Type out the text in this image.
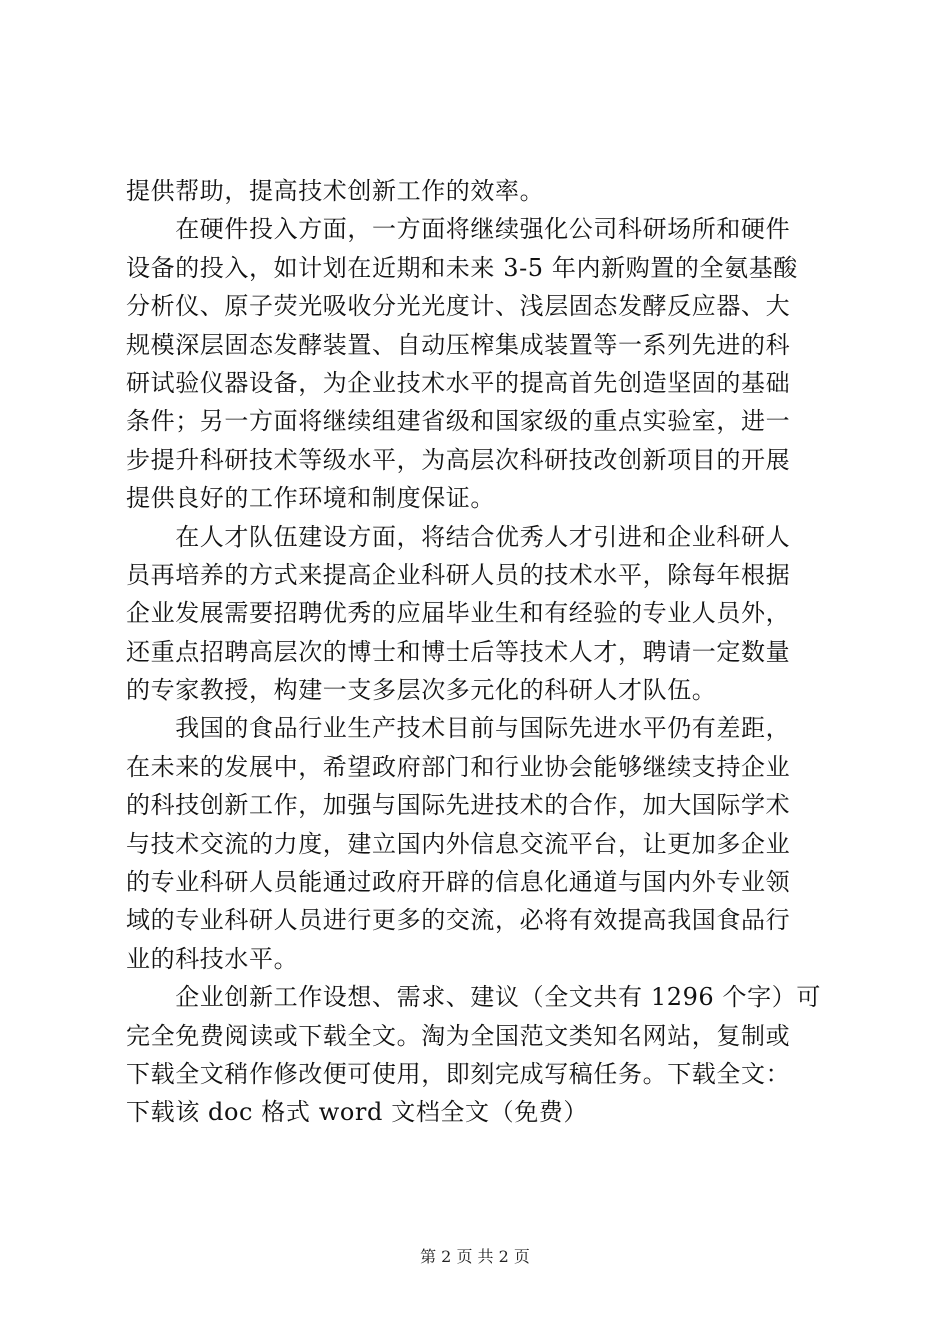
提供帮助，提高技术创新工作的效率。
　　在硬件投入方面，一方面将继续强化公司科研场所和硬件
设备的投入，如计划在近期和未来 3-5 年内新购置的全氨基酸
分析仪、原子荧光吸收分光光度计、浅层固态发酵反应器、大
规模深层固态发酵装置、自动压榨集成装置等一系列先进的科
研试验仪器设备，为企业技术水平的提高首先创造坚固的基础
条件；另一方面将继续组建省级和国家级的重点实验室，进一
步提升科研技术等级水平，为高层次科研技改创新项目的开展
提供良好的工作环境和制度保证。
　　在人才队伍建设方面，将结合优秀人才引进和企业科研人
员再培养的方式来提高企业科研人员的技术水平，除每年根据
企业发展需要招聘优秀的应届毕业生和有经验的专业人员外，
还重点招聘高层次的博士和博士后等技术人才，聘请一定数量
的专家教授，构建一支多层次多元化的科研人才队伍。
　　我国的食品行业生产技术目前与国际先进水平仍有差距，
在未来的发展中，希望政府部门和行业协会能够继续支持企业
的科技创新工作，加强与国际先进技术的合作，加大国际学术
与技术交流的力度，建立国内外信息交流平台，让更加多企业
的专业科研人员能通过政府开辟的信息化通道与国内外专业领
域的专业科研人员进行更多的交流，必将有效提高我国食品行
业的科技水平。
　　企业创新工作设想、需求、建议（全文共有 1296 个字）可
完全免费阅读或下载全文。淘为全国范文类知名网站，复制或
下载全文稍作修改便可使用，即刻完成写稿任务。下载全文：
下载该 doc 格式 word 文档全文（免费）
第 2 页 共 2 页
